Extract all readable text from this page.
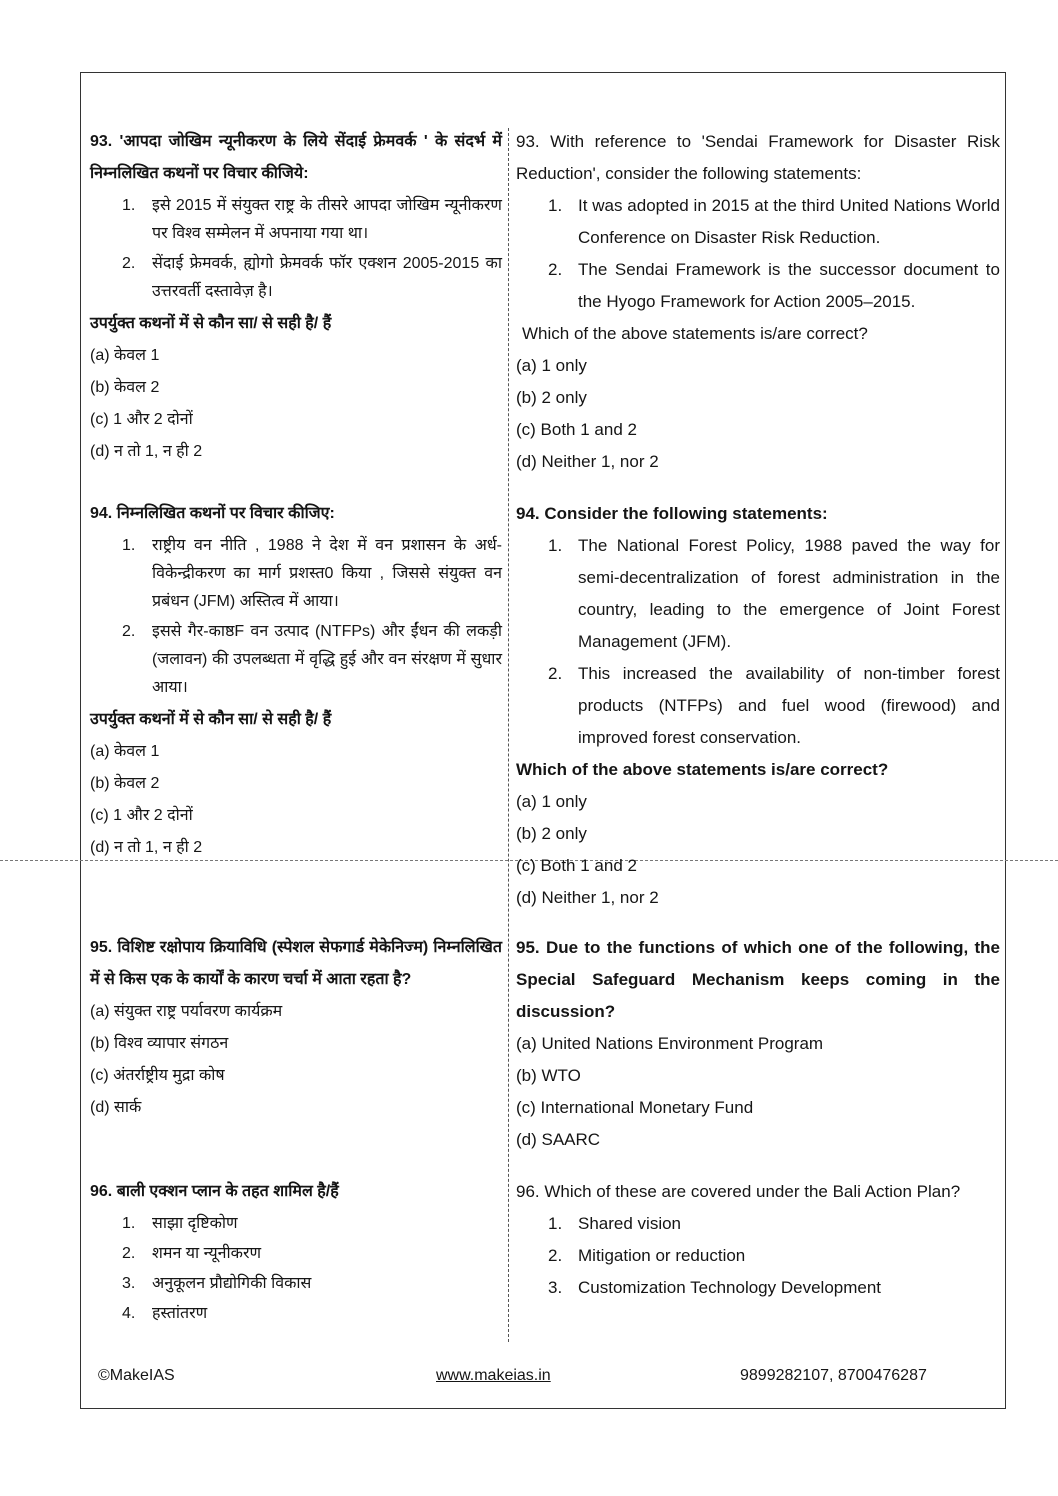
93. 'आपदा जोखिम न्यूनीकरण के लिये सेंदाई फ्रेमवर्क ' के संदर्भ में निम्नलिखित कथनों पर विचार कीजिये:
1. इसे 2015 में संयुक्त राष्ट्र के तीसरे आपदा जोखिम न्यूनीकरण पर विश्व सम्मेलन में अपनाया गया था।
2. सेंदाई फ्रेमवर्क, ह्योगो फ्रेमवर्क फॉर एक्शन 2005-2015 का उत्तरवर्ती दस्तावेज़ है।
उपर्युक्त कथनों में से कौन सा/ से सही है/ हैं
(a) केवल 1
(b) केवल 2
(c) 1 और 2 दोनों
(d) न तो 1, न ही 2
94. निम्नलिखित कथनों पर विचार कीजिए:
1. राष्ट्रीय वन नीति , 1988 ने देश में वन प्रशासन के अर्ध-विकेन्द्रीकरण का मार्ग प्रशस्त0 किया , जिससे संयुक्त वन प्रबंधन (JFM) अस्तित्व में आया।
2. इससे गैर-काष्ठF वन उत्पाद (NTFPs) और ईंधन की लकड़ी (जलावन) की उपलब्धता में वृद्धि हुई और वन संरक्षण में सुधार आया।
उपर्युक्त कथनों में से कौन सा/ से सही है/ हैं
(a) केवल 1
(b) केवल 2
(c) 1 और 2 दोनों
(d) न तो 1, न ही 2
95. विशिष्ट रक्षोपाय क्रियाविधि (स्पेशल सेफगार्ड मेकेनिज्म) निम्नलिखित में से किस एक के कार्यों के कारण चर्चा में आता रहता है?
(a) संयुक्त राष्ट्र पर्यावरण कार्यक्रम
(b) विश्व व्यापार संगठन
(c) अंतर्राष्ट्रीय मुद्रा कोष
(d) सार्क
96. बाली एक्शन प्लान के तहत शामिल है/हैं
1. साझा दृष्टिकोण
2. शमन या न्यूनीकरण
3. अनुकूलन प्रौद्योगिकी विकास
4. हस्तांतरण
93. With reference to 'Sendai Framework for Disaster Risk Reduction', consider the following statements:
1. It was adopted in 2015 at the third United Nations World Conference on Disaster Risk Reduction.
2. The Sendai Framework is the successor document to the Hyogo Framework for Action 2005–2015.
Which of the above statements is/are correct?
(a) 1 only
(b) 2 only
(c) Both 1 and 2
(d) Neither 1, nor 2
94. Consider the following statements:
1. The National Forest Policy, 1988 paved the way for semi-decentralization of forest administration in the country, leading to the emergence of Joint Forest Management (JFM).
2. This increased the availability of non-timber forest products (NTFPs) and fuel wood (firewood) and improved forest conservation.
Which of the above statements is/are correct?
(a) 1 only
(b) 2 only
(c) Both 1 and 2
(d) Neither 1, nor 2
95. Due to the functions of which one of the following, the Special Safeguard Mechanism keeps coming in the discussion?
(a) United Nations Environment Program
(b) WTO
(c) International Monetary Fund
(d) SAARC
96. Which of these are covered under the Bali Action Plan?
1. Shared vision
2. Mitigation or reduction
3. Customization Technology Development
©MakeIAS	www.makeias.in	9899282107, 8700476287
